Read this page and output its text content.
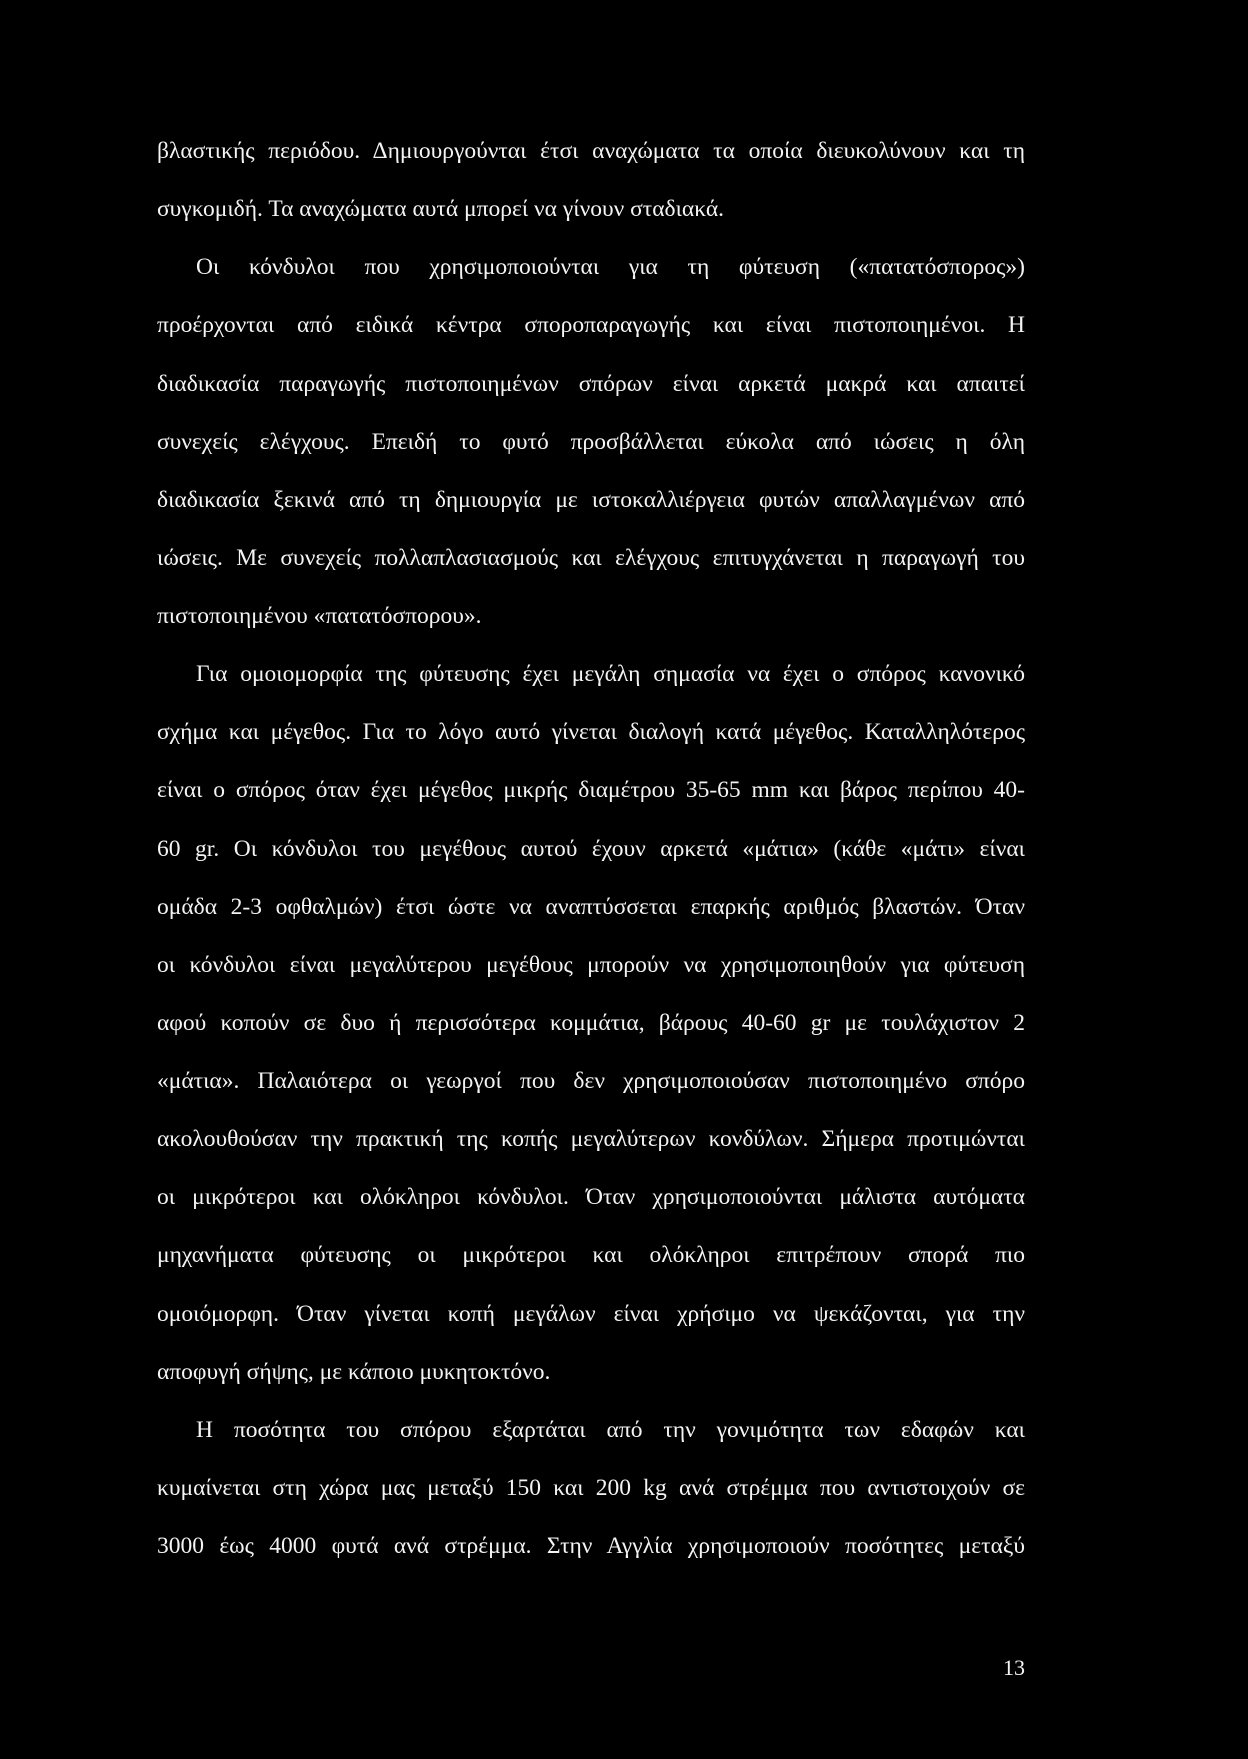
βλαστικής περιόδου. Δημιουργούνται έτσι αναχώματα τα οποία διευκολύνουν και τη
συγκομιδή. Τα αναχώματα αυτά μπορεί να γίνουν σταδιακά.
Οι κόνδυλοι που χρησιμοποιούνται για τη φύτευση («πατατόσπορος»)
προέρχονται από ειδικά κέντρα σποροπαραγωγής και είναι πιστοποιημένοι. Η
διαδικασία παραγωγής πιστοποιημένων σπόρων είναι αρκετά μακρά και απαιτεί
συνεχείς ελέγχους. Επειδή το φυτό προσβάλλεται εύκολα από ιώσεις η όλη
διαδικασία ξεκινά από τη δημιουργία με ιστοκαλλιέργεια φυτών απαλλαγμένων από
ιώσεις. Με συνεχείς πολλαπλασιασμούς και ελέγχους επιτυγχάνεται η παραγωγή του
πιστοποιημένου «πατατόσπορου».
Για ομοιομορφία της φύτευσης έχει μεγάλη σημασία να έχει ο σπόρος κανονικό
σχήμα και μέγεθος. Για το λόγο αυτό γίνεται διαλογή κατά μέγεθος. Καταλληλότερος
είναι ο σπόρος όταν έχει μέγεθος μικρής διαμέτρου 35-65 mm και βάρος περίπου 40-
60 gr. Οι κόνδυλοι του μεγέθους αυτού έχουν αρκετά «μάτια» (κάθε «μάτι» είναι
ομάδα 2-3 οφθαλμών) έτσι ώστε να αναπτύσσεται επαρκής αριθμός βλαστών. Όταν
οι κόνδυλοι είναι μεγαλύτερου μεγέθους μπορούν να χρησιμοποιηθούν για φύτευση
αφού κοπούν σε δυο ή περισσότερα κομμάτια, βάρους 40-60 gr με τουλάχιστον 2
«μάτια». Παλαιότερα οι γεωργοί που δεν χρησιμοποιούσαν πιστοποιημένο σπόρο
ακολουθούσαν την πρακτική της κοπής μεγαλύτερων κονδύλων. Σήμερα προτιμώνται
οι μικρότεροι και ολόκληροι κόνδυλοι. Όταν χρησιμοποιούνται μάλιστα αυτόματα
μηχανήματα φύτευσης οι μικρότεροι και ολόκληροι επιτρέπουν σπορά πιο
ομοιόμορφη. Όταν γίνεται κοπή μεγάλων είναι χρήσιμο να ψεκάζονται, για την
αποφυγή σήψης, με κάποιο μυκητοκτόνο.
Η ποσότητα του σπόρου εξαρτάται από την γονιμότητα των εδαφών και
κυμαίνεται στη χώρα μας μεταξύ 150 και 200 kg ανά στρέμμα που αντιστοιχούν σε
3000 έως 4000 φυτά ανά στρέμμα. Στην Αγγλία χρησιμοποιούν ποσότητες μεταξύ
13
